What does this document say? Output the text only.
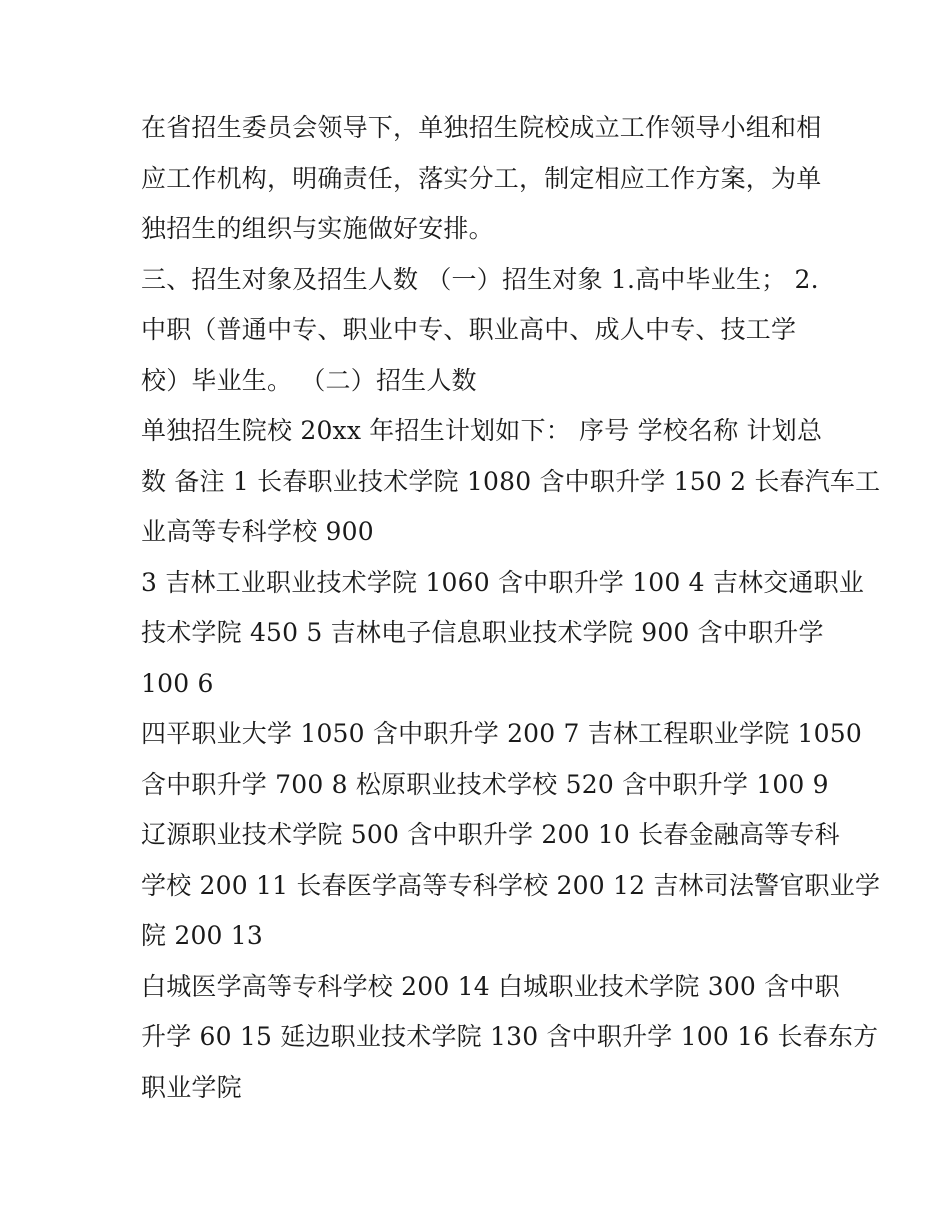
在省招生委员会领导下，单独招生院校成立工作领导小组和相
应工作机构，明确责任，落实分工，制定相应工作方案，为单
独招生的组织与实施做好安排。
三、招生对象及招生人数 （一）招生对象 1.高中毕业生； 2.
中职（普通中专、职业中专、职业高中、成人中专、技工学
校）毕业生。 （二）招生人数
单独招生院校 20xx 年招生计划如下： 序号 学校名称 计划总
数 备注 1 长春职业技术学院 1080 含中职升学 150 2 长春汽车工
业高等专科学校 900
3 吉林工业职业技术学院 1060 含中职升学 100 4 吉林交通职业
技术学院 450 5 吉林电子信息职业技术学院 900 含中职升学
100 6
四平职业大学 1050 含中职升学 200 7 吉林工程职业学院 1050
含中职升学 700 8 松原职业技术学校 520 含中职升学 100 9
辽源职业技术学院 500 含中职升学 200 10 长春金融高等专科
学校 200 11 长春医学高等专科学校 200 12 吉林司法警官职业学
院 200 13
白城医学高等专科学校 200 14 白城职业技术学院 300 含中职
升学 60 15 延边职业技术学院 130 含中职升学 100 16 长春东方
职业学院
